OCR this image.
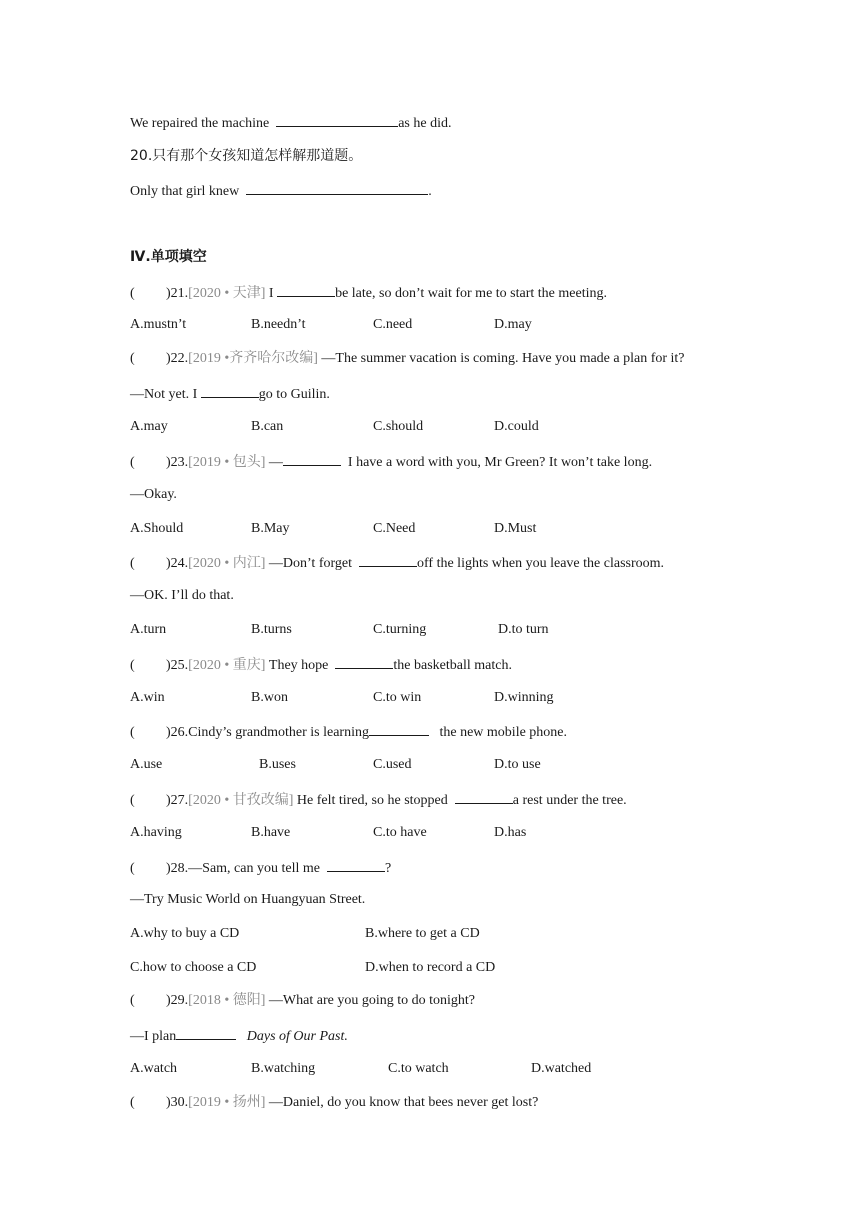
We repaired the machine	as he did.
20.只有那个女孩知道怎样解那道题。
Only that girl knew	.
Ⅳ.单项填空
( )21.[2020 • 天津] I	be late, so don’t wait for me to start the meeting.
A.mustn’t	B.needn’t	C.need	D.may
( )22.[2019 •齐齐哈尔改编] —The summer vacation is coming. Have you made a plan for it?
—Not yet. I	go to Guilin.
A.may	B.can	C.should	D.could
( )23.[2019 • 包头] —	I have a word with you, Mr Green? It won’t take long.
—Okay.
A.Should	B.May	C.Need	D.Must
( )24.[2020 • 内江] —Don’t forget	off the lights when you leave the classroom.
—OK. I’ll do that.
A.turn	B.turns	C.turning	D.to turn
( )25.[2020 • 重庆] They hope	the basketball match.
A.win	B.won	C.to win	D.winning
( )26.Cindy’s grandmother is learning	the new mobile phone.
A.use	B.uses	C.used	D.to use
( )27.[2020 • 甘孜改编] He felt tired, so he stopped	a rest under the tree.
A.having	B.have	C.to have	D.has
( )28.—Sam, can you tell me	?
—Try Music World on Huangyuan Street.
A.why to buy a CD	B.where to get a CD
C.how to choose a CD	D.when to record a CD
( )29.[2018 • 德阳] —What are you going to do tonight?
—I plan	Days of Our Past.
A.watch	B.watching	C.to watch	D.watched
( )30.[2019 • 扬州] —Daniel, do you know that bees never get lost?
